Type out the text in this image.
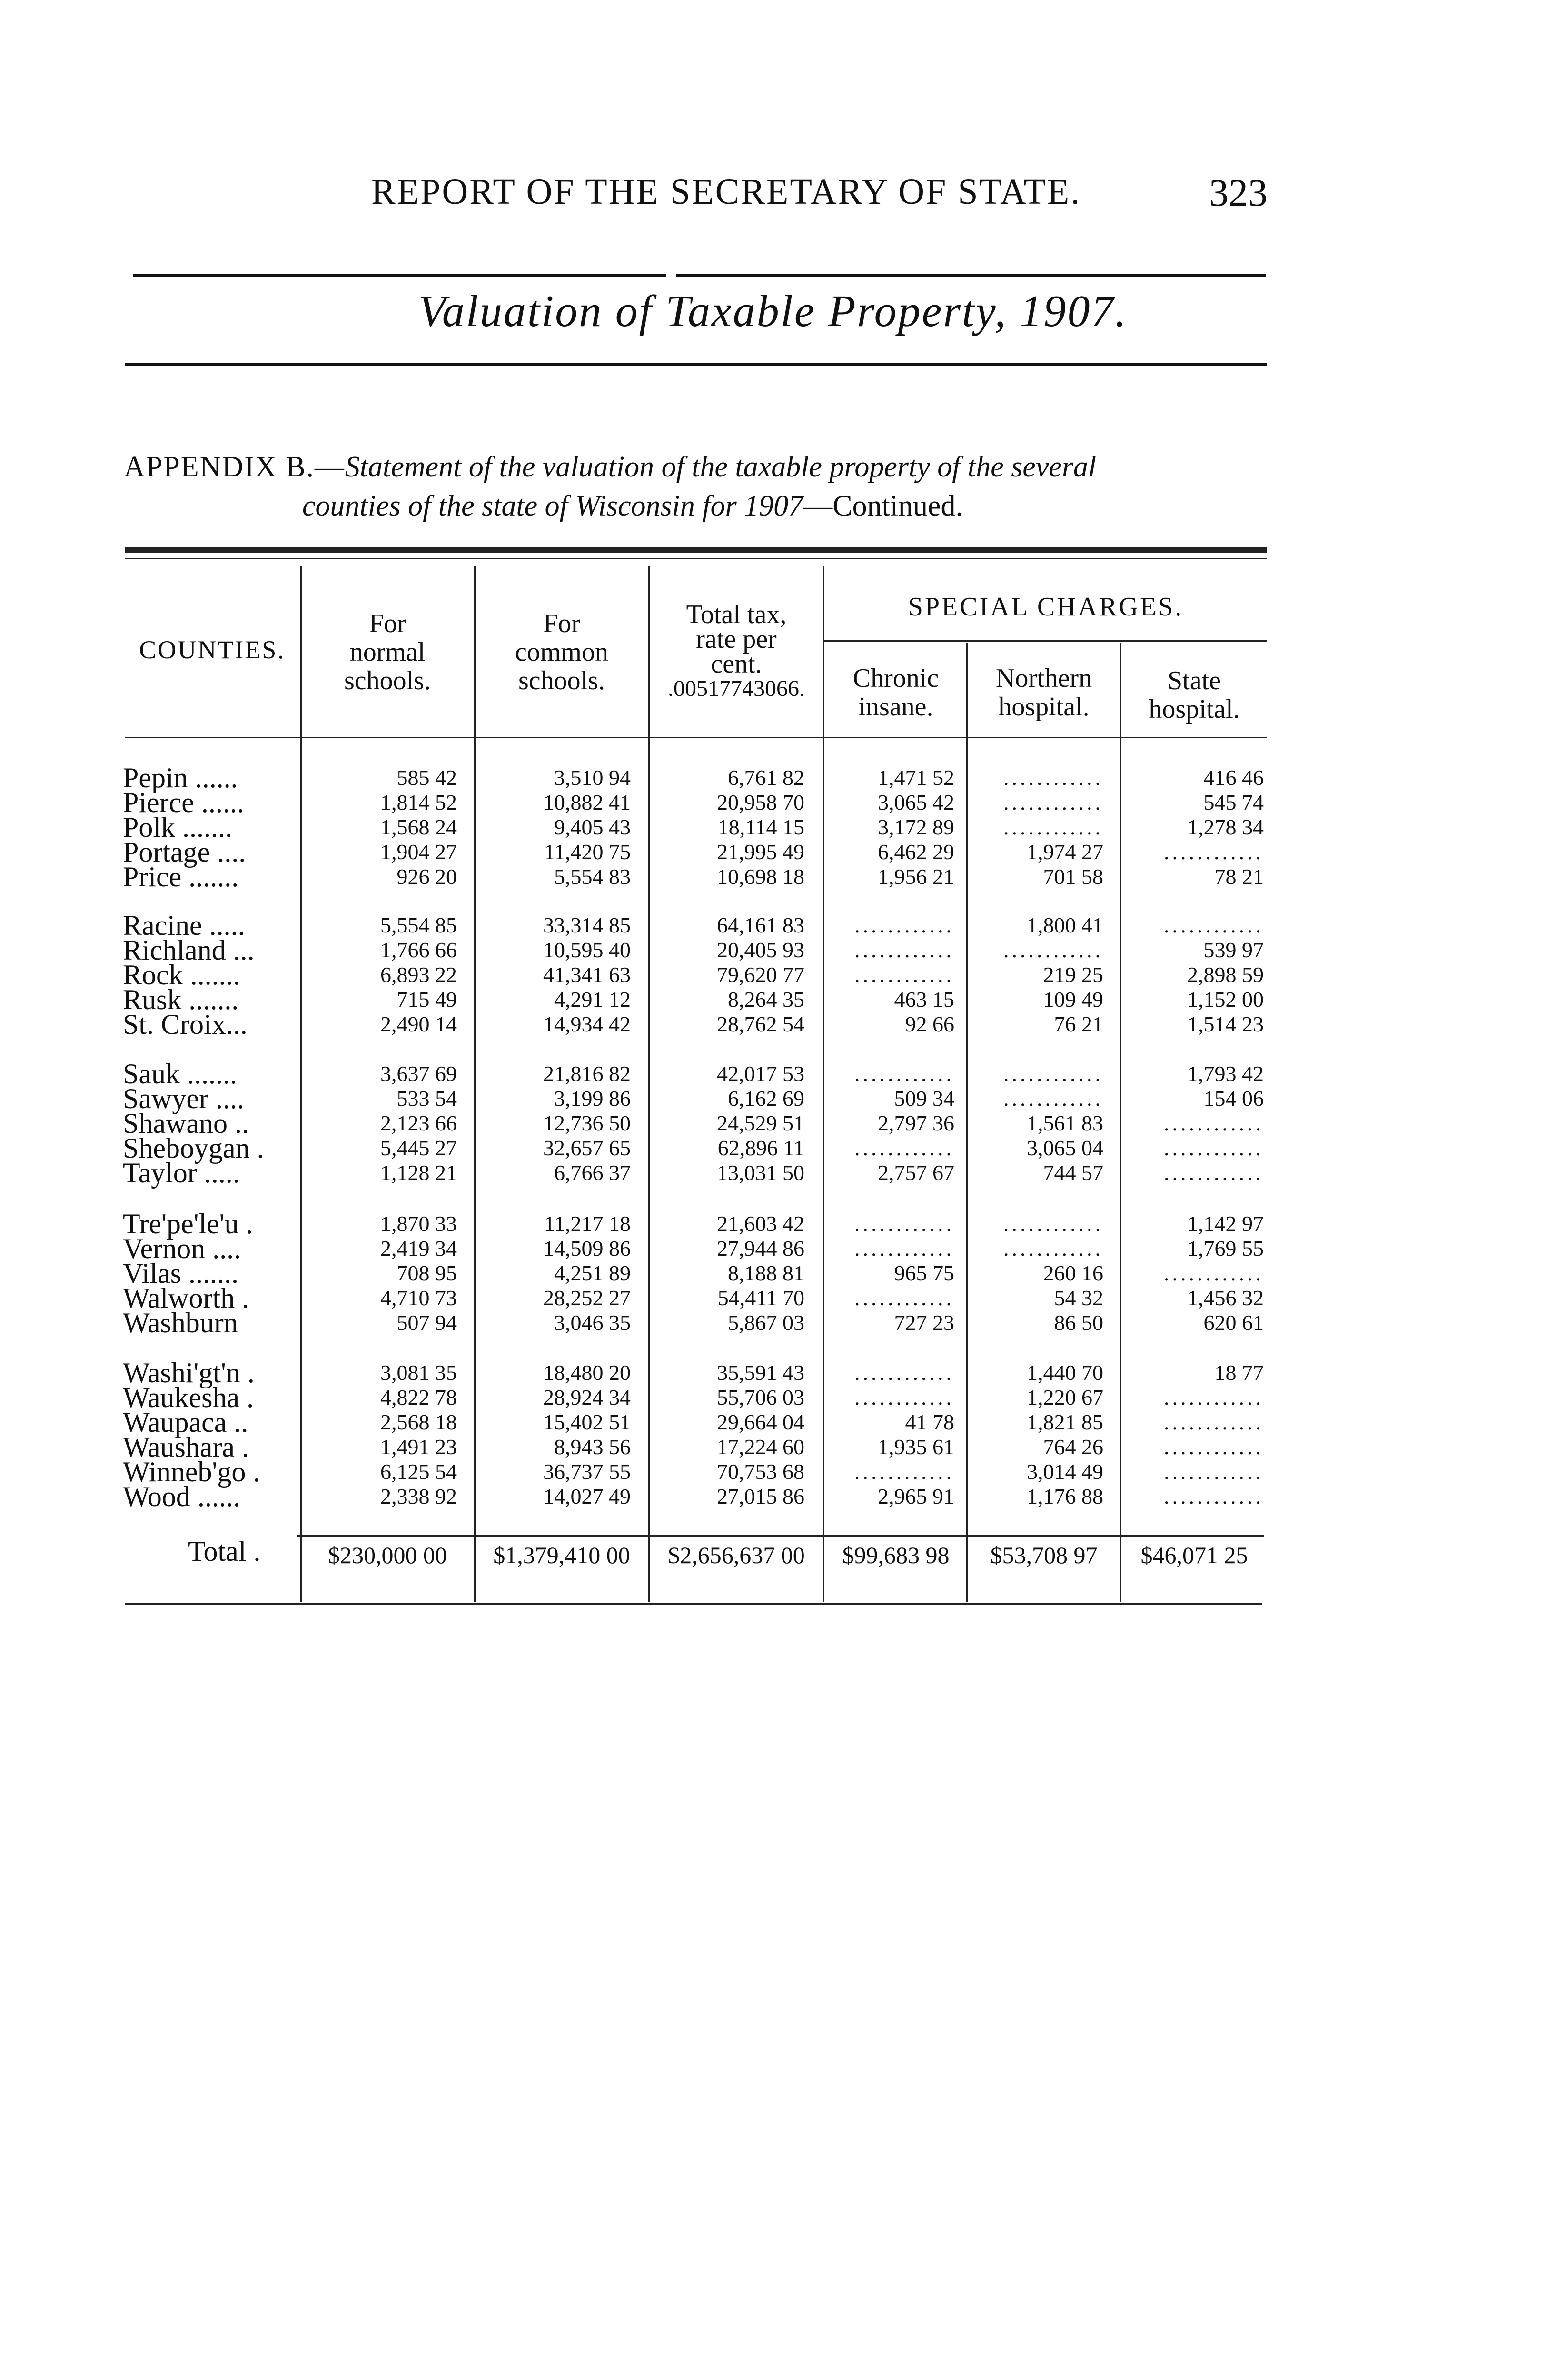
REPORT OF THE SECRETARY OF STATE.	323
Valuation of Taxable Property, 1907.
APPENDIX B.—Statement of the valuation of the taxable property of the several
counties of the state of Wisconsin for 1907—Continued.
COUNTIES.
For
normal
schools.
For
common
schools.
Total tax,
rate per
cent.
.00517743066.
SPECIAL CHARGES.
Chronic
insane.
Northern
hospital.
State
hospital.
Pepin ......	585 42	3,510 94	6,761 82	1,471 52	............	416 46
Pierce ......	1,814 52	10,882 41	20,958 70	3,065 42	............	545 74
Polk .......	1,568 24	9,405 43	18,114 15	3,172 89	............	1,278 34
Portage ....	1,904 27	11,420 75	21,995 49	6,462 29	1,974 27	............
Price .......	926 20	5,554 83	10,698 18	1,956 21	701 58	78 21
Racine .....	5,554 85	33,314 85	64,161 83	............	1,800 41	............
Richland ...	1,766 66	10,595 40	20,405 93	............	............	539 97
Rock .......	6,893 22	41,341 63	79,620 77	............	219 25	2,898 59
Rusk .......	715 49	4,291 12	8,264 35	463 15	109 49	1,152 00
St. Croix...	2,490 14	14,934 42	28,762 54	92 66	76 21	1,514 23
Sauk .......	3,637 69	21,816 82	42,017 53	............	............	1,793 42
Sawyer ....	533 54	3,199 86	6,162 69	509 34	............	154 06
Shawano ..	2,123 66	12,736 50	24,529 51	2,797 36	1,561 83	............
Sheboygan .	5,445 27	32,657 65	62,896 11	............	3,065 04	............
Taylor .....	1,128 21	6,766 37	13,031 50	2,757 67	744 57	............
Tre'pe'le'u .	1,870 33	11,217 18	21,603 42	............	............	1,142 97
Vernon ....	2,419 34	14,509 86	27,944 86	............	............	1,769 55
Vilas .......	708 95	4,251 89	8,188 81	965 75	260 16	............
Walworth .	4,710 73	28,252 27	54,411 70	............	54 32	1,456 32
Washburn	507 94	3,046 35	5,867 03	727 23	86 50	620 61
Washi'gt'n .	3,081 35	18,480 20	35,591 43	............	1,440 70	18 77
Waukesha .	4,822 78	28,924 34	55,706 03	............	1,220 67	............
Waupaca ..	2,568 18	15,402 51	29,664 04	41 78	1,821 85	............
Waushara .	1,491 23	8,943 56	17,224 60	1,935 61	764 26	............
Winneb'go .	6,125 54	36,737 55	70,753 68	............	3,014 49	............
Wood ......	2,338 92	14,027 49	27,015 86	2,965 91	1,176 88	............
Total .	$230,000 00	$1,379,410 00	$2,656,637 00	$99,683 98	$53,708 97	$46,071 25
